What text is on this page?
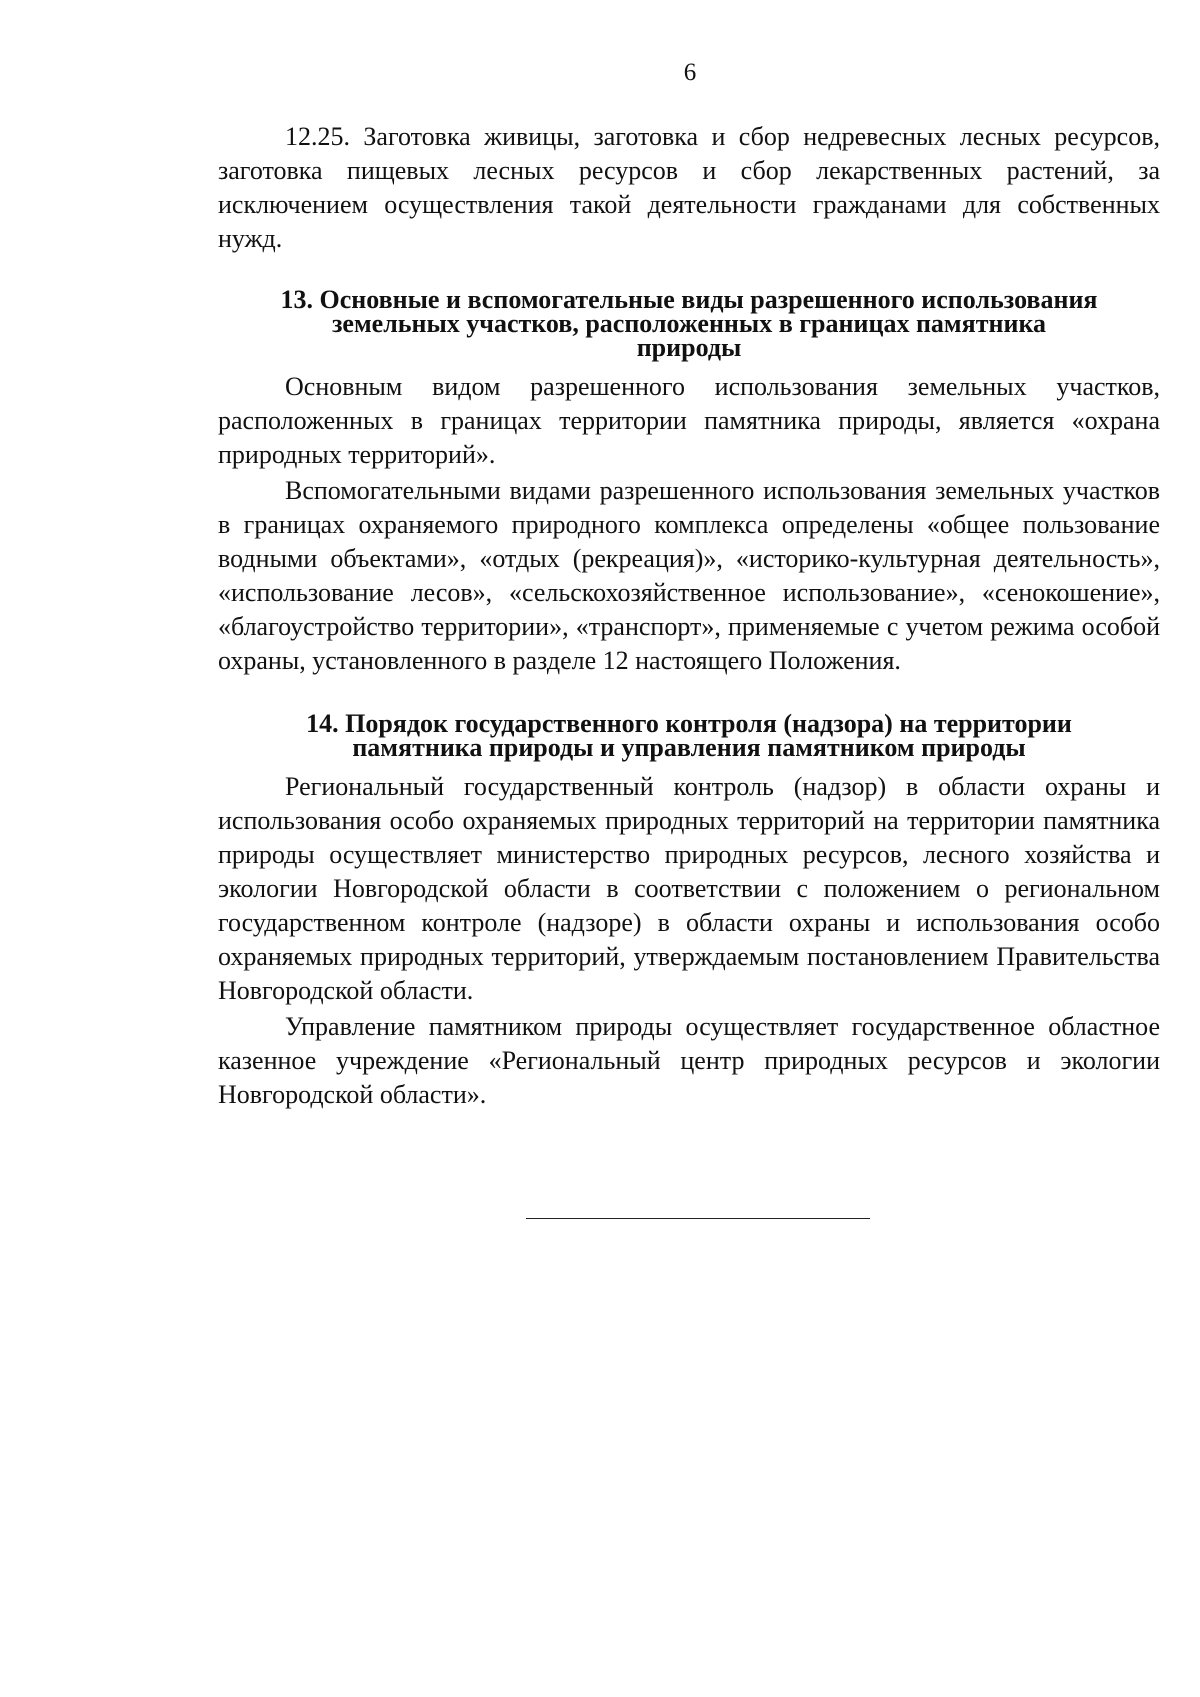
6

12.25. Заготовка живицы, заготовка и сбор недревесных лесных ресурсов, заготовка пищевых лесных ресурсов и сбор лекарственных растений, за исключением осуществления такой деятельности гражданами для собственных нужд.

13. Основные и вспомогательные виды разрешенного использования
земельных участков, расположенных в границах памятника
природы

Основным видом разрешенного использования земельных участков, расположенных в границах территории памятника природы, является «охрана природных территорий».

Вспомогательными видами разрешенного использования земельных участков в границах охраняемого природного комплекса определены «общее пользование водными объектами», «отдых (рекреация)», «историко-культурная деятельность», «использование лесов», «сельскохозяйственное использование», «сенокошение», «благоустройство территории», «транспорт», применяемые с учетом режима особой охраны, установленного в разделе 12 настоящего Положения.

14. Порядок государственного контроля (надзора) на территории
памятника природы и управления памятником природы

Региональный государственный контроль (надзор) в области охраны и использования особо охраняемых природных территорий на территории памятника природы осуществляет министерство природных ресурсов, лесного хозяйства и экологии Новгородской области в соответствии с положением о региональном государственном контроле (надзоре) в области охраны и использования особо охраняемых природных территорий, утверждаемым постановлением Правительства Новгородской области.

Управление памятником природы осуществляет государственное областное казенное учреждение «Региональный центр природных ресурсов и экологии Новгородской области».
